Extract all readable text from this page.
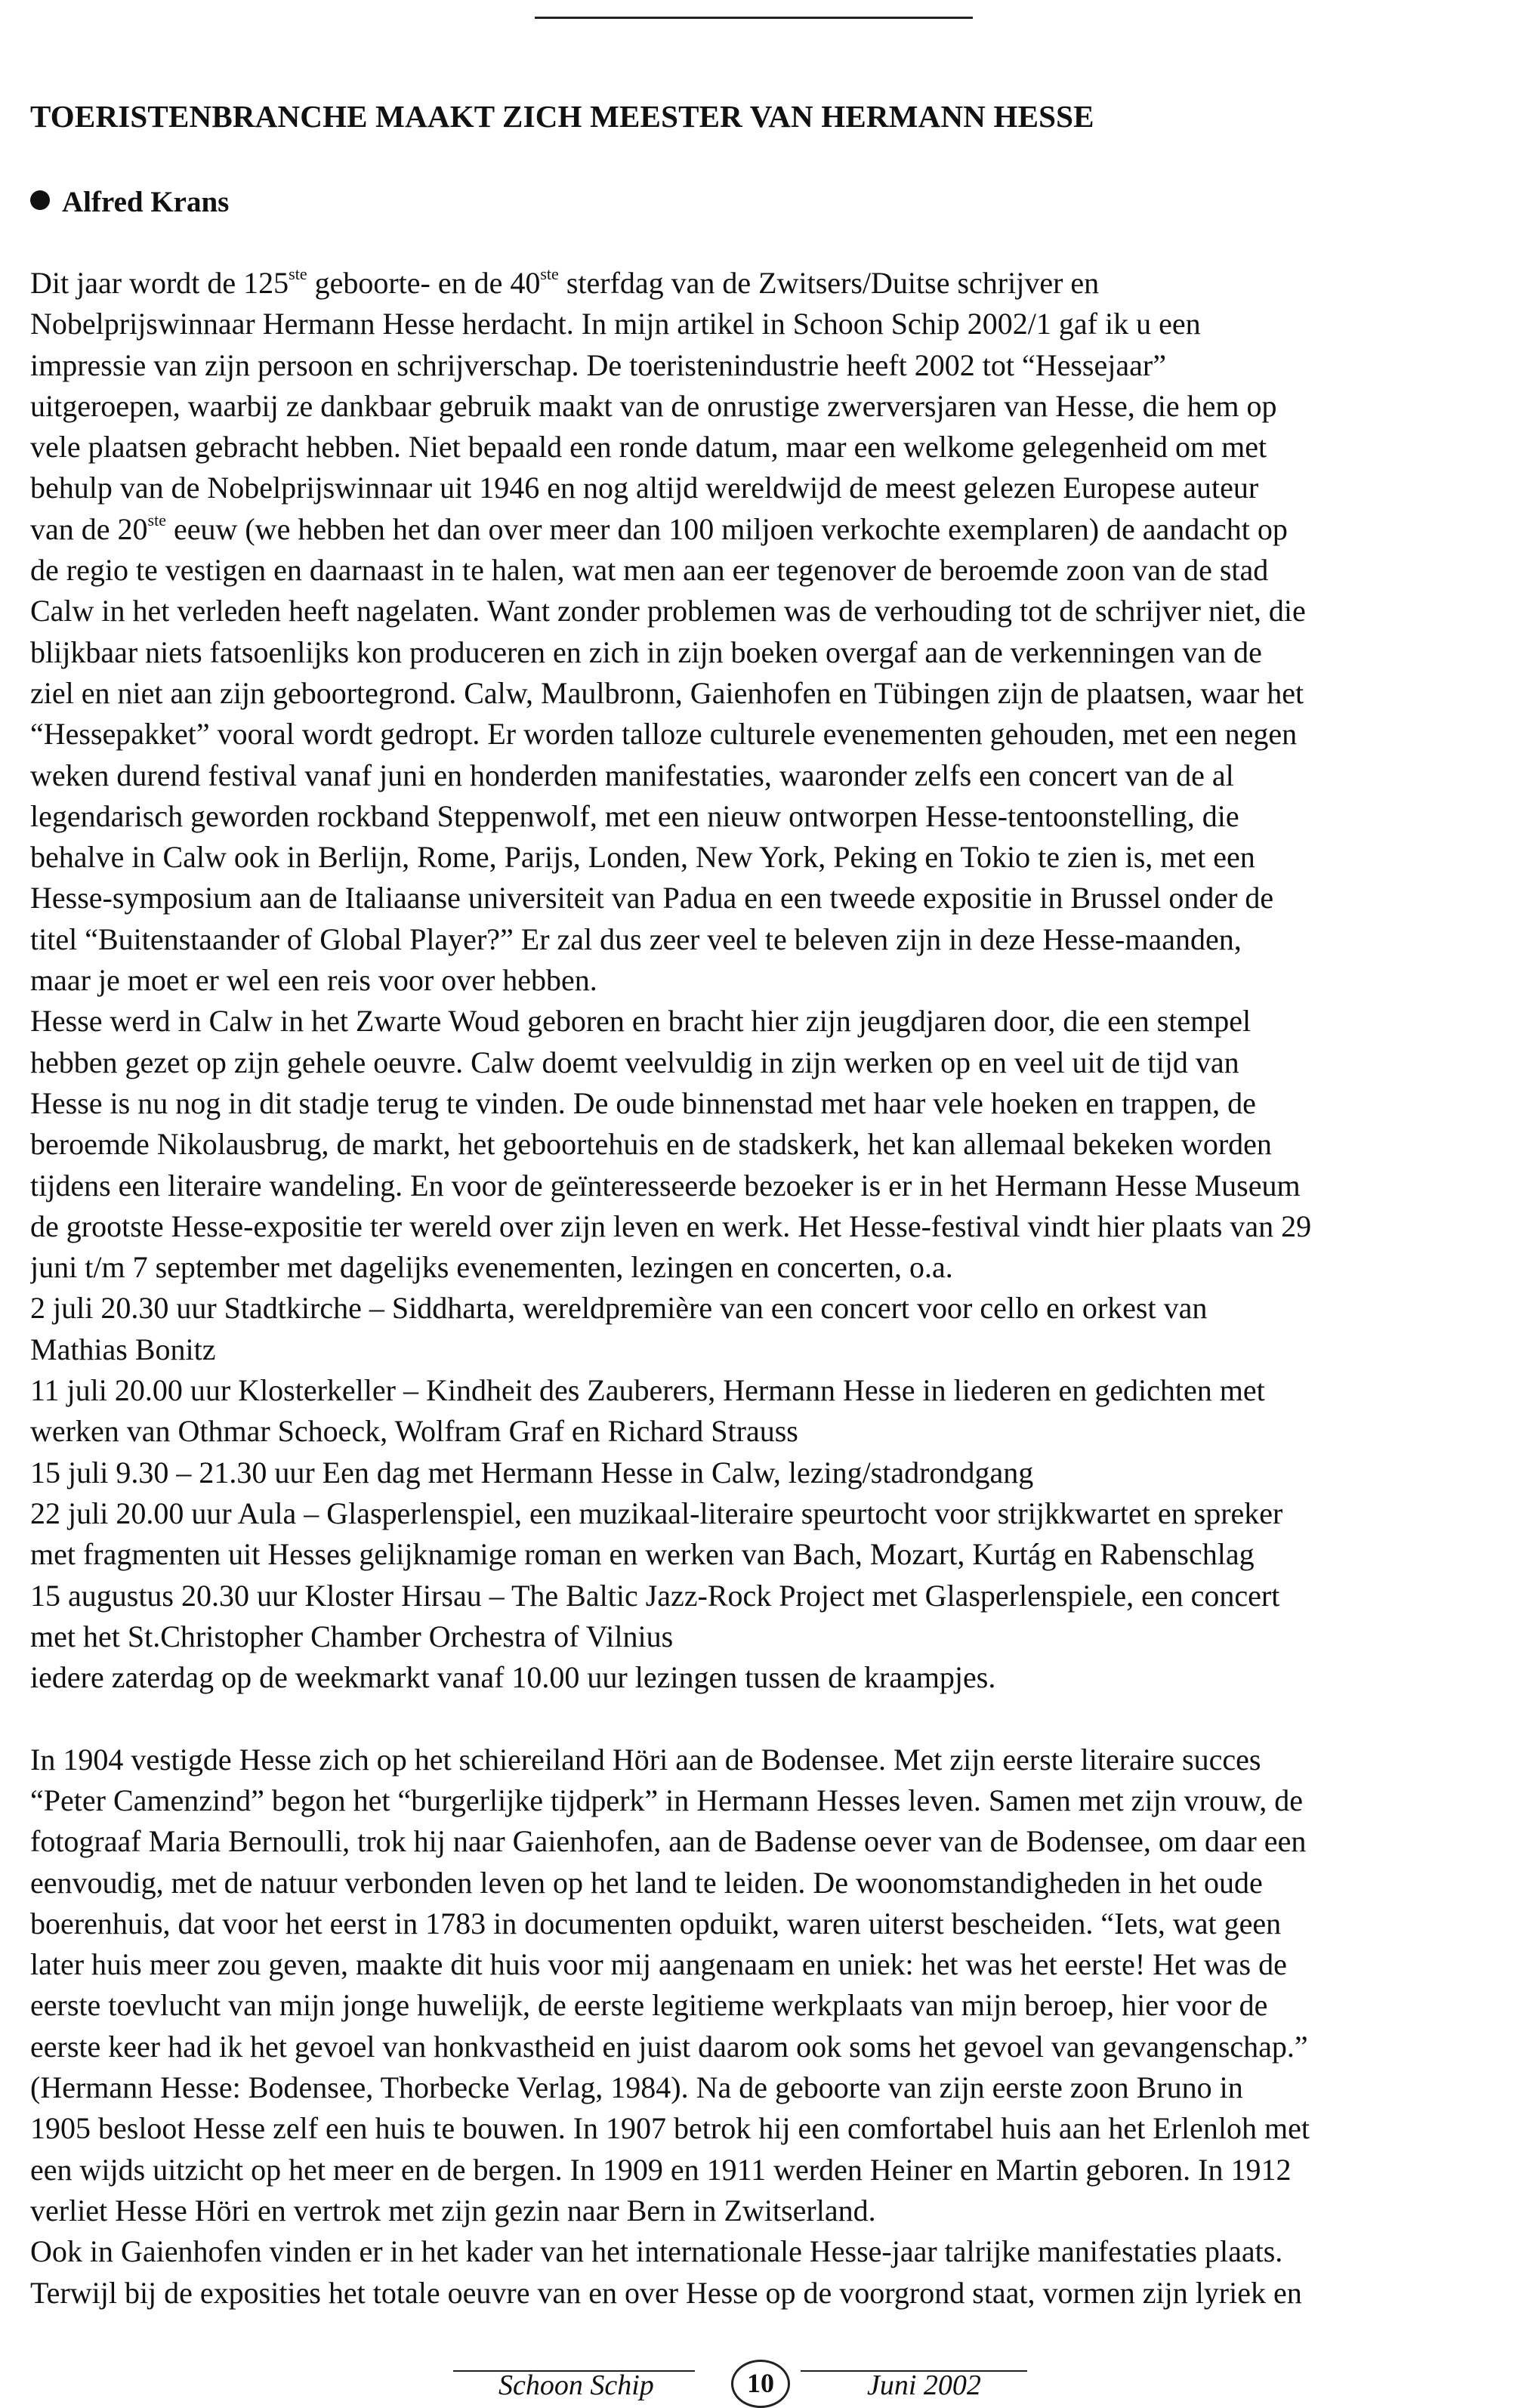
TOERISTENBRANCHE MAAKT ZICH MEESTER VAN HERMANN HESSE
Alfred Krans
Dit jaar wordt de 125ste geboorte- en de 40ste sterfdag van de Zwitsers/Duitse schrijver en
Nobelprijswinnaar Hermann Hesse herdacht. In mijn artikel in Schoon Schip 2002/1 gaf ik u een
impressie van zijn persoon en schrijverschap. De toeristenindustrie heeft 2002 tot “Hessejaar”
uitgeroepen, waarbij ze dankbaar gebruik maakt van de onrustige zwerversjaren van Hesse, die hem op
vele plaatsen gebracht hebben. Niet bepaald een ronde datum, maar een welkome gelegenheid om met
behulp van de Nobelprijswinnaar uit 1946 en nog altijd wereldwijd de meest gelezen Europese auteur
van de 20ste eeuw (we hebben het dan over meer dan 100 miljoen verkochte exemplaren) de aandacht op
de regio te vestigen en daarnaast in te halen, wat men aan eer tegenover de beroemde zoon van de stad
Calw in het verleden heeft nagelaten. Want zonder problemen was de verhouding tot de schrijver niet, die
blijkbaar niets fatsoenlijks kon produceren en zich in zijn boeken overgaf aan de verkenningen van de
ziel en niet aan zijn geboortegrond. Calw, Maulbronn, Gaienhofen en Tübingen zijn de plaatsen, waar het
“Hessepakket” vooral wordt gedropt. Er worden talloze culturele evenementen gehouden, met een negen
weken durend festival vanaf juni en honderden manifestaties, waaronder zelfs een concert van de al
legendarisch geworden rockband Steppenwolf, met een nieuw ontworpen Hesse-tentoonstelling, die
behalve in Calw ook in Berlijn, Rome, Parijs, Londen, New York, Peking en Tokio te zien is, met een
Hesse-symposium aan de Italiaanse universiteit van Padua en een tweede expositie in Brussel onder de
titel “Buitenstaander of Global Player?” Er zal dus zeer veel te beleven zijn in deze Hesse-maanden,
maar je moet er wel een reis voor over hebben.
Hesse werd in Calw in het Zwarte Woud geboren en bracht hier zijn jeugdjaren door, die een stempel
hebben gezet op zijn gehele oeuvre. Calw doemt veelvuldig in zijn werken op en veel uit de tijd van
Hesse is nu nog in dit stadje terug te vinden. De oude binnenstad met haar vele hoeken en trappen, de
beroemde Nikolausbrug, de markt, het geboortehuis en de stadskerk, het kan allemaal bekeken worden
tijdens een literaire wandeling. En voor de geïnteresseerde bezoeker is er in het Hermann Hesse Museum
de grootste Hesse-expositie ter wereld over zijn leven en werk. Het Hesse-festival vindt hier plaats van 29
juni t/m 7 september met dagelijks evenementen, lezingen en concerten, o.a.
2 juli 20.30 uur Stadtkirche – Siddharta, wereldpremière van een concert voor cello en orkest van
Mathias Bonitz
11 juli 20.00 uur Klosterkeller – Kindheit des Zauberers, Hermann Hesse in liederen en gedichten met
werken van Othmar Schoeck, Wolfram Graf en Richard Strauss
15 juli 9.30 – 21.30 uur Een dag met Hermann Hesse in Calw, lezing/stadrondgang
22 juli 20.00 uur Aula – Glasperlenspiel, een muzikaal-literaire speurtocht voor strijkkwartet en spreker
met fragmenten uit Hesses gelijknamige roman en werken van Bach, Mozart, Kurtág en Rabenschlag
15 augustus 20.30 uur Kloster Hirsau – The Baltic Jazz-Rock Project met Glasperlenspiele, een concert
met het St.Christopher Chamber Orchestra of Vilnius
iedere zaterdag op de weekmarkt vanaf 10.00 uur lezingen tussen de kraampjes.
In 1904 vestigde Hesse zich op het schiereiland Höri aan de Bodensee. Met zijn eerste literaire succes
“Peter Camenzind” begon het “burgerlijke tijdperk” in Hermann Hesses leven. Samen met zijn vrouw, de
fotograaf Maria Bernoulli, trok hij naar Gaienhofen, aan de Badense oever van de Bodensee, om daar een
eenvoudig, met de natuur verbonden leven op het land te leiden. De woonomstandigheden in het oude
boerenhuis, dat voor het eerst in 1783 in documenten opduikt, waren uiterst bescheiden. “Iets, wat geen
later huis meer zou geven, maakte dit huis voor mij aangenaam en uniek: het was het eerste! Het was de
eerste toevlucht van mijn jonge huwelijk, de eerste legitieme werkplaats van mijn beroep, hier voor de
eerste keer had ik het gevoel van honkvastheid en juist daarom ook soms het gevoel van gevangenschap.”
(Hermann Hesse: Bodensee, Thorbecke Verlag, 1984). Na de geboorte van zijn eerste zoon Bruno in
1905 besloot Hesse zelf een huis te bouwen. In 1907 betrok hij een comfortabel huis aan het Erlenloh met
een wijds uitzicht op het meer en de bergen. In 1909 en 1911 werden Heiner en Martin geboren. In 1912
verliet Hesse Höri en vertrok met zijn gezin naar Bern in Zwitserland.
Ook in Gaienhofen vinden er in het kader van het internationale Hesse-jaar talrijke manifestaties plaats.
Terwijl bij de exposities het totale oeuvre van en over Hesse op de voorgrond staat, vormen zijn lyriek en
Schoon Schip	10	Juni 2002
